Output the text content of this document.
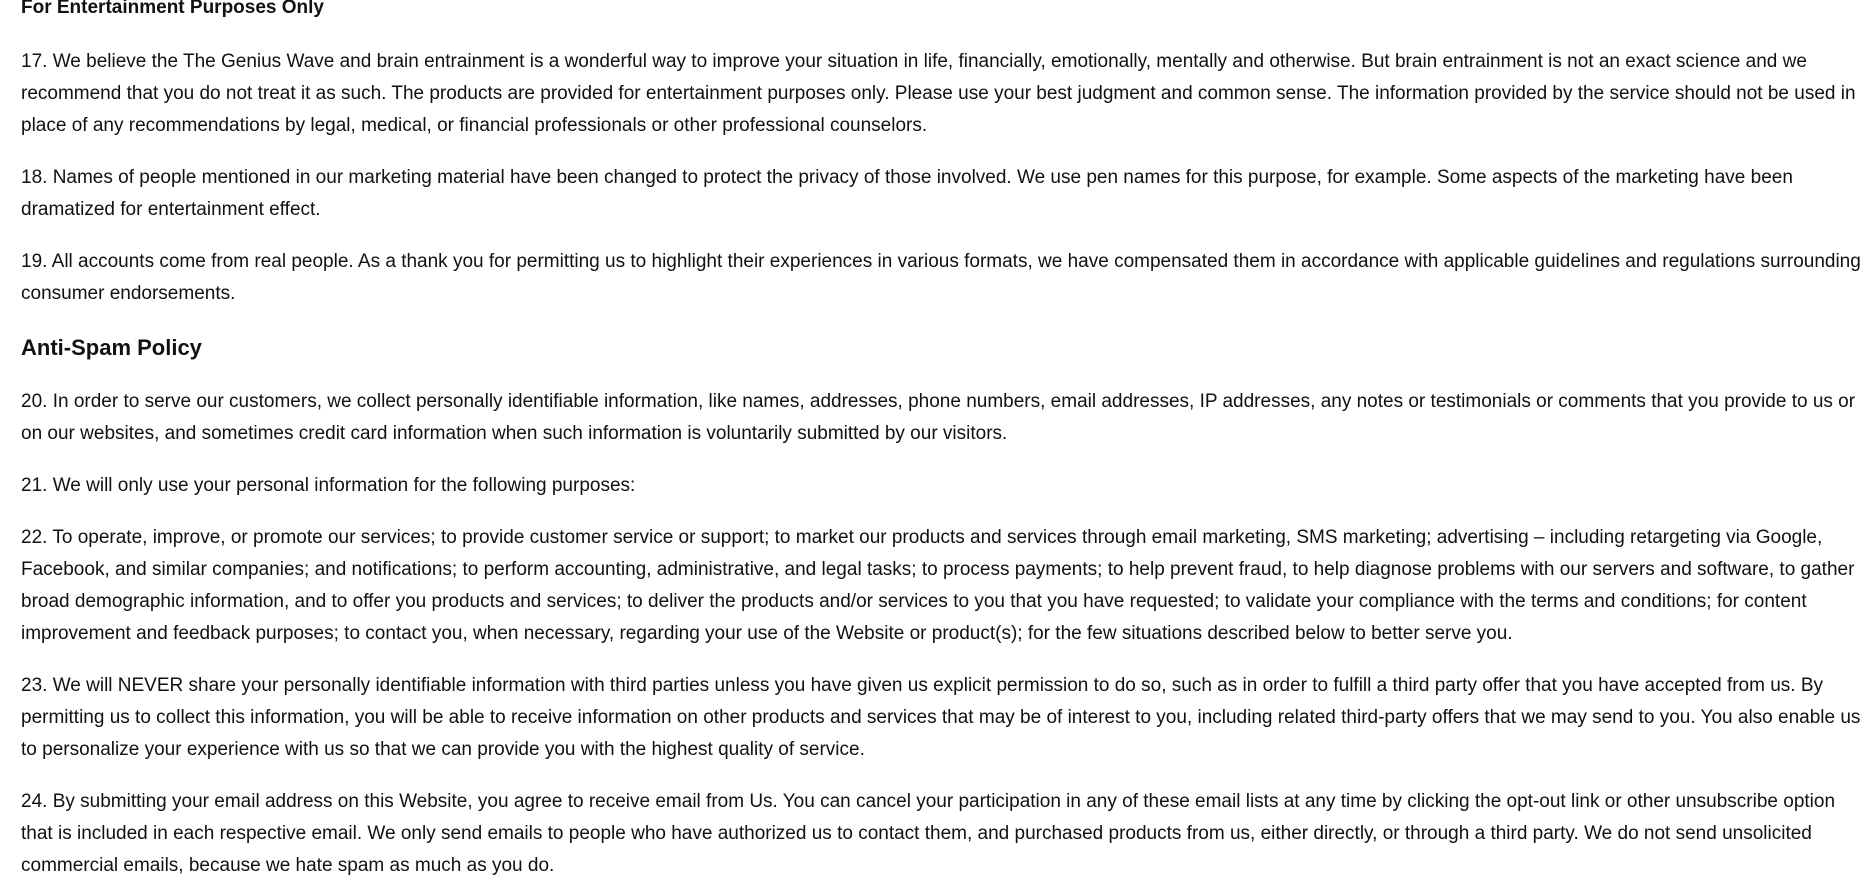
For Entertainment Purposes Only

17. We believe the The Genius Wave and brain entrainment is a wonderful way to improve your situation in life, financially, emotionally, mentally and otherwise. But brain entrainment is not an exact science and we recommend that you do not treat it as such. The products are provided for entertainment purposes only. Please use your best judgment and common sense. The information provided by the service should not be used in place of any recommendations by legal, medical, or financial professionals or other professional counselors.

18. Names of people mentioned in our marketing material have been changed to protect the privacy of those involved. We use pen names for this purpose, for example. Some aspects of the marketing have been dramatized for entertainment effect.

19. All accounts come from real people. As a thank you for permitting us to highlight their experiences in various formats, we have compensated them in accordance with applicable guidelines and regulations surrounding consumer endorsements.

Anti-Spam Policy

20. In order to serve our customers, we collect personally identifiable information, like names, addresses, phone numbers, email addresses, IP addresses, any notes or testimonials or comments that you provide to us or on our websites, and sometimes credit card information when such information is voluntarily submitted by our visitors.

21. We will only use your personal information for the following purposes:

22. To operate, improve, or promote our services; to provide customer service or support; to market our products and services through email marketing, SMS marketing; advertising – including retargeting via Google, Facebook, and similar companies; and notifications; to perform accounting, administrative, and legal tasks; to process payments; to help prevent fraud, to help diagnose problems with our servers and software, to gather broad demographic information, and to offer you products and services; to deliver the products and/or services to you that you have requested; to validate your compliance with the terms and conditions; for content improvement and feedback purposes; to contact you, when necessary, regarding your use of the Website or product(s); for the few situations described below to better serve you.

23. We will NEVER share your personally identifiable information with third parties unless you have given us explicit permission to do so, such as in order to fulfill a third party offer that you have accepted from us. By permitting us to collect this information, you will be able to receive information on other products and services that may be of interest to you, including related third-party offers that we may send to you. You also enable us to personalize your experience with us so that we can provide you with the highest quality of service.

24. By submitting your email address on this Website, you agree to receive email from Us. You can cancel your participation in any of these email lists at any time by clicking the opt-out link or other unsubscribe option that is included in each respective email. We only send emails to people who have authorized us to contact them, and purchased products from us, either directly, or through a third party. We do not send unsolicited commercial emails, because we hate spam as much as you do.
